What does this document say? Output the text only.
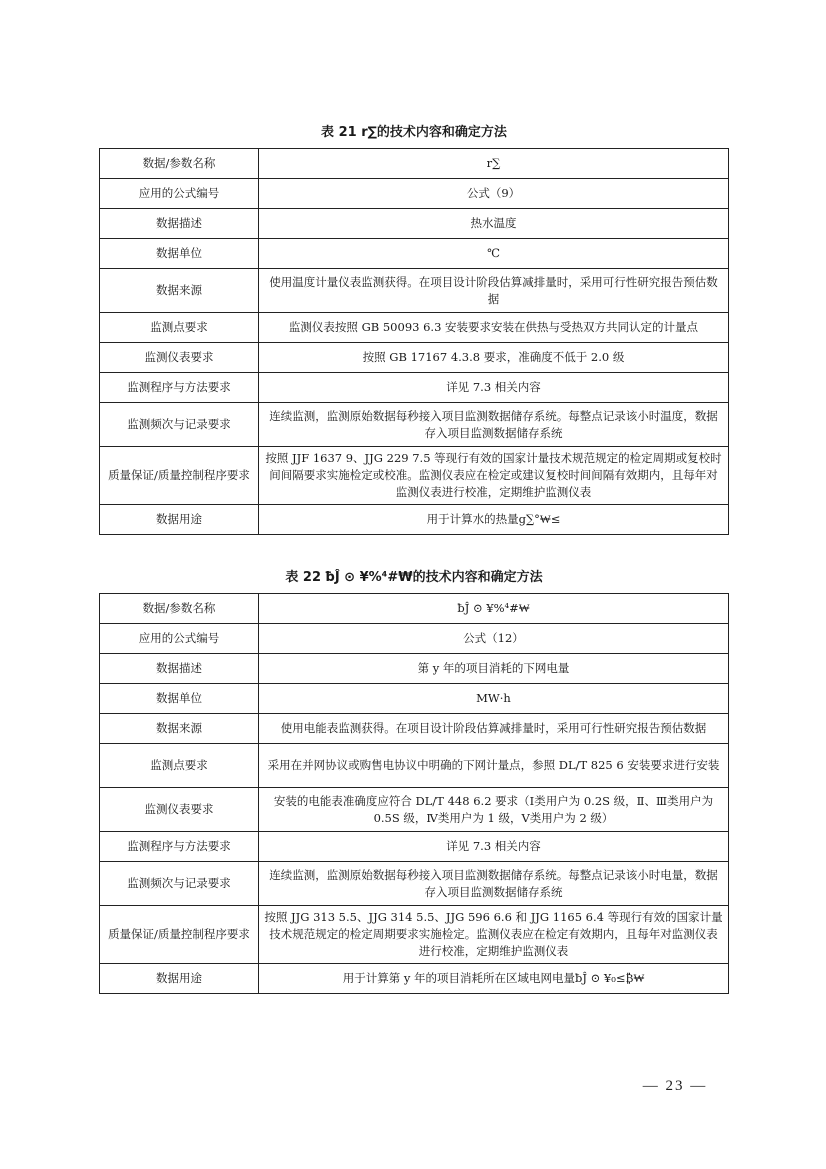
表 21 r∑的技术内容和确定方法
数据/参数名称	r∑
应用的公式编号	公式（9）
数据描述	热水温度
数据单位	℃
数据来源	使用温度计量仪表监测获得。在项目设计阶段估算减排量时，采用可行性研究报告预估数据
监测点要求	监测仪表按照 GB 50093 6.3 安装要求安装在供热与受热双方共同认定的计量点
监测仪表要求	按照 GB 17167 4.3.8 要求，准确度不低于 2.0 级
监测程序与方法要求	详见 7.3 相关内容
监测频次与记录要求	连续监测，监测原始数据每秒接入项目监测数据储存系统。每整点记录该小时温度，数据存入项目监测数据储存系统
质量保证/质量控制程序要求	按照 JJF 1637 9、JJG 229 7.5 等现行有效的国家计量技术规范规定的检定周期或复校时间间隔要求实施检定或校准。监测仪表应在检定或建议复校时间间隔有效期内，且每年对监测仪表进行校准，定期维护监测仪表
数据用途	用于计算水的热量g∑°₩≤
表 22 ƀĴ ⊙ ¥%⁴#₩的技术内容和确定方法
数据/参数名称	ƀĴ ⊙ ¥%⁴#₩
应用的公式编号	公式（12）
数据描述	第 y 年的项目消耗的下网电量
数据单位	MW·h
数据来源	使用电能表监测获得。在项目设计阶段估算减排量时，采用可行性研究报告预估数据
监测点要求	采用在并网协议或购售电协议中明确的下网计量点，参照 DL/T 825 6 安装要求进行安装
监测仪表要求	安装的电能表准确度应符合 DL/T 448 6.2 要求（Ⅰ类用户为 0.2S 级，Ⅱ、Ⅲ类用户为 0.5S 级，Ⅳ类用户为 1 级，Ⅴ类用户为 2 级）
监测程序与方法要求	详见 7.3 相关内容
监测频次与记录要求	连续监测，监测原始数据每秒接入项目监测数据储存系统。每整点记录该小时电量，数据存入项目监测数据储存系统
质量保证/质量控制程序要求	按照 JJG 313 5.5、JJG 314 5.5、JJG 596 6.6 和 JJG 1165 6.4 等现行有效的国家计量技术规范规定的检定周期要求实施检定。监测仪表应在检定有效期内，且每年对监测仪表进行校准，定期维护监测仪表
数据用途	用于计算第 y 年的项目消耗所在区域电网电量ƀĴ ⊙ ¥₀≤₿₩
— 23 —
